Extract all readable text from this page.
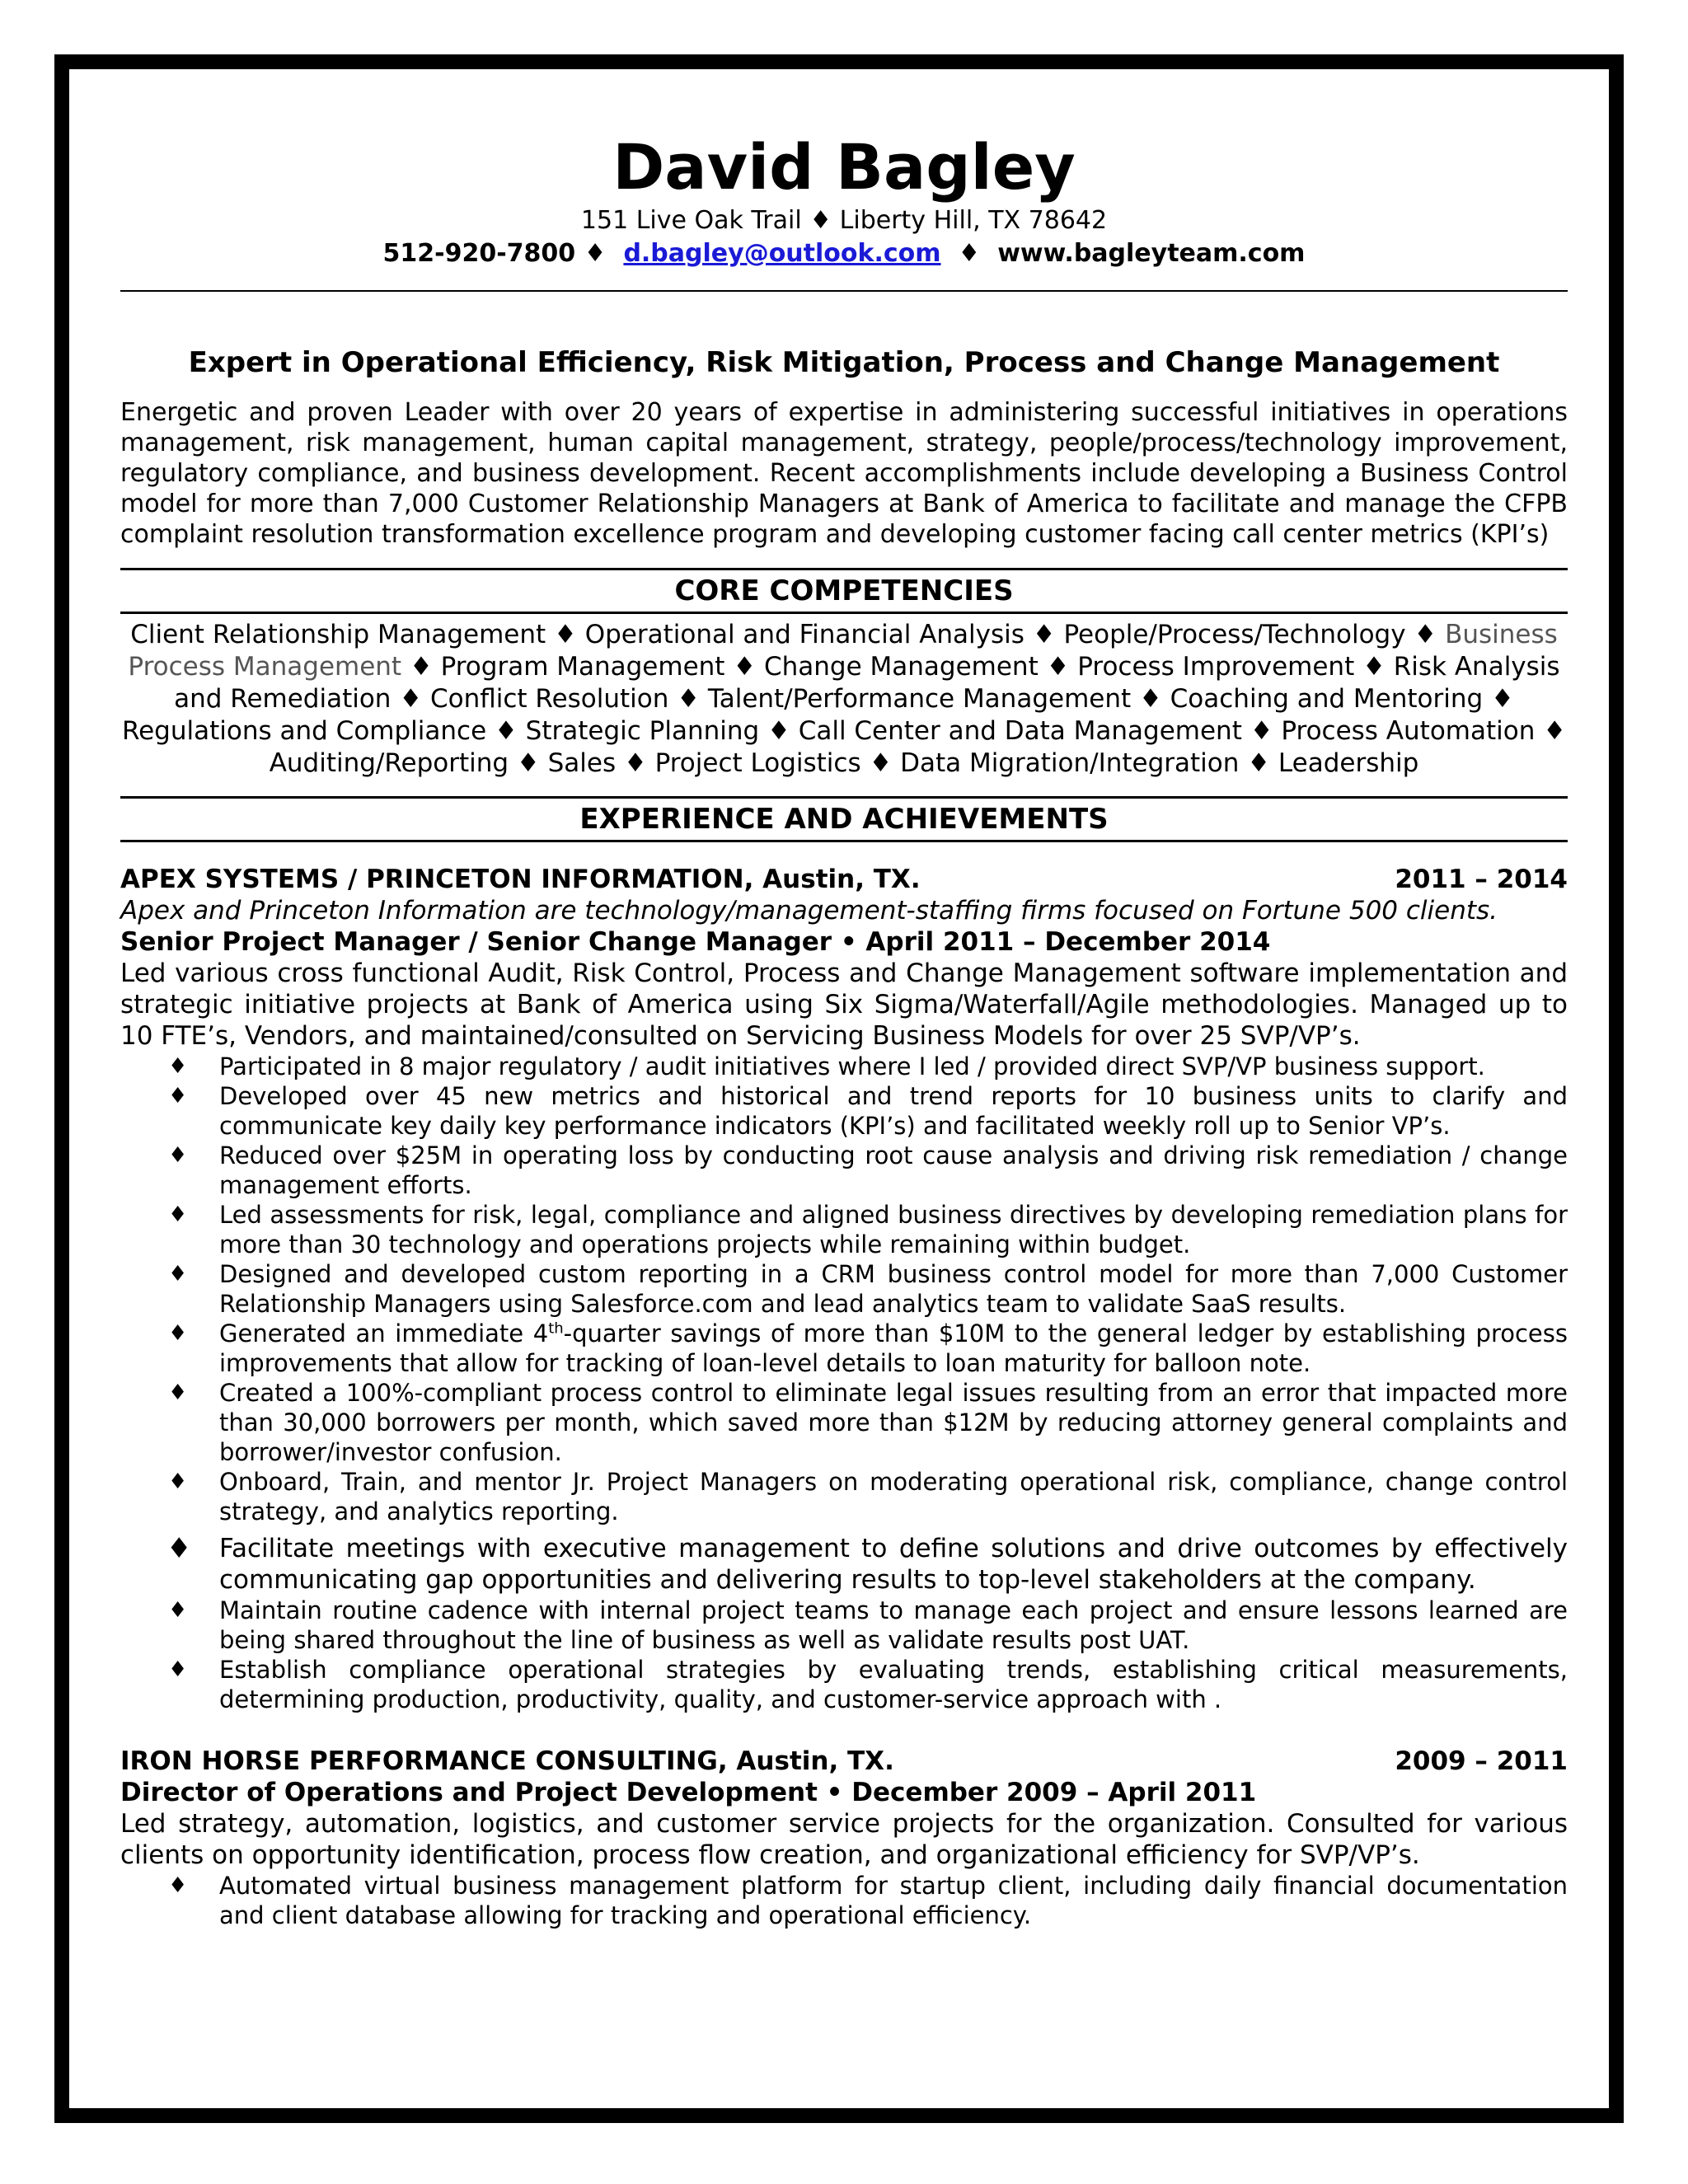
David Bagley

151 Live Oak Trail ♦ Liberty Hill, TX 78642

512-920-7800 ♦ d.bagley@outlook.com ♦ www.bagleyteam.com

Expert in Operational Efficiency, Risk Mitigation, Process and Change Management

Energetic and proven Leader with over 20 years of expertise in administering successful initiatives in operations management, risk management, human capital management, strategy, people/process/technology improvement, regulatory compliance, and business development. Recent accomplishments include developing a Business Control model for more than 7,000 Customer Relationship Managers at Bank of America to facilitate and manage the CFPB complaint resolution transformation excellence program and developing customer facing call center metrics (KPI’s)

CORE COMPETENCIES

Client Relationship Management ♦ Operational and Financial Analysis ♦ People/Process/Technology ♦ Business Process Management ♦ Program Management ♦ Change Management ♦ Process Improvement ♦ Risk Analysis and Remediation ♦ Conflict Resolution ♦ Talent/Performance Management ♦ Coaching and Mentoring ♦ Regulations and Compliance ♦ Strategic Planning ♦ Call Center and Data Management ♦ Process Automation ♦ Auditing/Reporting ♦ Sales ♦ Project Logistics ♦ Data Migration/Integration ♦ Leadership

EXPERIENCE AND ACHIEVEMENTS
APEX SYSTEMS / PRINCETON INFORMATION, Austin, TX.	2011 – 2014

Apex and Princeton Information are technology/management-staffing firms focused on Fortune 500 clients.

Senior Project Manager / Senior Change Manager • April 2011 – December 2014

Led various cross functional Audit, Risk Control, Process and Change Management software implementation and strategic initiative projects at Bank of America using Six Sigma/Waterfall/Agile methodologies. Managed up to 10 FTE’s, Vendors, and maintained/consulted on Servicing Business Models for over 25 SVP/VP’s.

♦ Participated in 8 major regulatory / audit initiatives where I led / provided direct SVP/VP business support.
♦ Developed over 45 new metrics and historical and trend reports for 10 business units to clarify and communicate key daily key performance indicators (KPI’s) and facilitated weekly roll up to Senior VP’s.
♦ Reduced over $25M in operating loss by conducting root cause analysis and driving risk remediation / change management efforts.
♦ Led assessments for risk, legal, compliance and aligned business directives by developing remediation plans for more than 30 technology and operations projects while remaining within budget.
♦ Designed and developed custom reporting in a CRM business control model for more than 7,000 Customer Relationship Managers using Salesforce.com and lead analytics team to validate SaaS results.
♦ Generated an immediate 4th-quarter savings of more than $10M to the general ledger by establishing process improvements that allow for tracking of loan-level details to loan maturity for balloon note.
♦ Created a 100%-compliant process control to eliminate legal issues resulting from an error that impacted more than 30,000 borrowers per month, which saved more than $12M by reducing attorney general complaints and borrower/investor confusion.
♦ Onboard, Train, and mentor Jr. Project Managers on moderating operational risk, compliance, change control strategy, and analytics reporting.
♦ Facilitate meetings with executive management to define solutions and drive outcomes by effectively communicating gap opportunities and delivering results to top-level stakeholders at the company.
♦ Maintain routine cadence with internal project teams to manage each project and ensure lessons learned are being shared throughout the line of business as well as validate results post UAT.
♦ Establish compliance operational strategies by evaluating trends, establishing critical measurements, determining production, productivity, quality, and customer-service approach with .
IRON HORSE PERFORMANCE CONSULTING, Austin, TX.	2009 – 2011

Director of Operations and Project Development • December 2009 – April 2011

Led strategy, automation, logistics, and customer service projects for the organization. Consulted for various clients on opportunity identification, process flow creation, and organizational efficiency for SVP/VP’s.

♦ Automated virtual business management platform for startup client, including daily financial documentation and client database allowing for tracking and operational efficiency.
